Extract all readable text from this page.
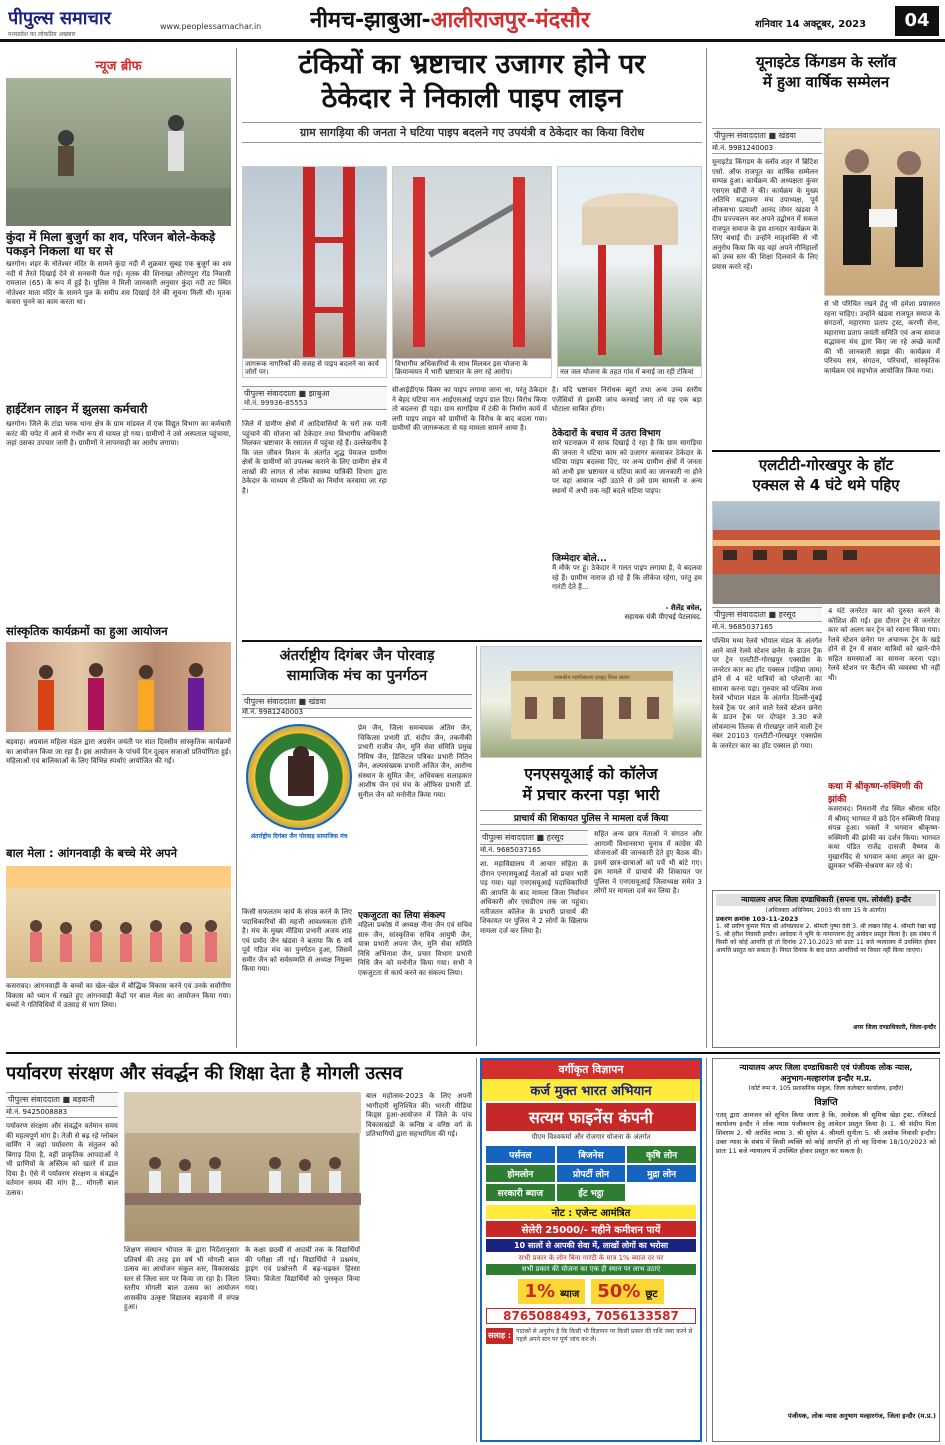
पीपुल्स समाचार
मध्यप्रदेश का लोकप्रिय अखबार
www.peoplessamachar.in नीमच-झाबुआ-आलीराजपुर-मंदसौर	शनिवार 14 अक्टूबर, 2023	04
न्यूज ब्रीफ
कुंदा में मिला बुजुर्ग का शव, परिजन बोले-केकड़े पकड़ने निकला था घर से
खरगोन। शहर के नोतेश्वर मंदिर के सामने कुंदा नदी में शुक्रवार सुबह एक बुजुर्ग का शव नदी में तैरते दिखाई देने से सनसनी फैल गई। मृतक की शिनाख्त औरंगपुरा रोड निवासी रामलाल (65) के रूप में हुई है। पुलिस ने मिली जानकारी अनुसार कुंदा नदी तट स्थित नोतेश्वर माता मंदिर के सामने पुल के समीप शव दिखाई देने की सूचना मिली थी। मृतक कचरा चुनने का काम करता था।
हाईटेंशन लाइन में झुलसा कर्मचारी
खरगोन। जिले के टांडा चरक थाना क्षेत्र के ग्राम मांडवल में एक विद्युत विभाग का कर्मचारी करंट की चपेट में आने से गंभीर रूप से घायल हो गया। ग्रामीणों ने उसे अस्पताल पहुंचाया, जहां उसका उपचार जारी है। ग्रामीणों ने लापरवाही का आरोप लगाया।
सांस्कृतिक कार्यक्रमों का हुआ आयोजन
बड़वाह। अग्रवाल महिला मंडल द्वारा अग्रसेन जयंती पर सात दिवसीय सांस्कृतिक कार्यक्रमों का आयोजन किया जा रहा है। इस आयोजन के पांचवें दिन दुल्हन सजाओ प्रतियोगिता हुई। महिलाओं एवं बालिकाओं के लिए विभिन्न स्पर्धाएं आयोजित की गईं।
बाल मेला : आंगनवाड़ी के बच्चे मेरे अपने
कसरावद। आंगनवाड़ी के बच्चों का खेल-खेल में बौद्धिक विकास करने एवं उनके सर्वांगीण विकास को ध्यान में रखते हुए आंगनवाड़ी केंद्रों पर बाल मेला का आयोजन किया गया। बच्चों ने गतिविधियों में उत्साह से भाग लिया।
टंकियों का भ्रष्टाचार उजागर होने पर
ठेकेदार ने निकाली पाइप लाइन
ग्राम सागड़िया की जनता ने घटिया पाइप बदलने गए उपयंत्री व ठेकेदार का किया विरोध
जागरूक नागरिकों की वजह से पाइप बदलने का कार्य जोरों पर।
विभागीय अधिकारियों के साथ मिलकर इस योजना के क्रियान्वयन में भारी भ्रष्टाचार के लग रहे आरोप।	नल जल योजना के तहत गांव में बनाई जा रही टंकियां
पीपुल्स संवाददाता ■ झाबुआ
मो.नं. 99936-85553
जिले में ग्रामीण क्षेत्रों में आदिवासियों के घरों तक पानी पहुंचाने की योजना को ठेकेदार तथा विभागीय अधिकारी मिलकर भ्रष्टाचार के रसातल में पहुंचा रहे हैं। उल्लेखनीय है कि जल जीवन मिशन के अंतर्गत शुद्ध पेयजल ग्रामीण क्षेत्रों के ग्रामीणों को उपलब्ध कराने के लिए ग्रामीण क्षेत्र में लाखों की लागत से लोक स्वास्थ्य यांत्रिकी विभाग द्वारा ठेकेदार के माध्यम से टंकियों का निर्माण करवाया जा रहा है।
सीआईडीएफ किस्म का पाइप लगाया जाना था, परंतु ठेकेदार ने बेहद घटिया नान आईएसआई पाइप डाल दिए। विरोध किया तो बदलना ही पड़ा। ग्राम सागड़िया में टंकी के निर्माण कार्य में लगी पाइप लाइन को ग्रामीणों के विरोध के बाद बदला गया। ग्रामीणों की जागरूकता से यह मामला सामने आया है।
है। यदि भ्रष्टाचार निरोधक ब्यूरो तथा अन्य उच्च स्तरीय एजेंसियों से इसकी जांच करवाई जाए तो यह एक बड़ा घोटाला साबित होगा।
ठेकेदारों के बचाव में उतरा विभाग
सारे घटनाक्रम में साफ दिखाई दे रहा है कि ग्राम सागड़िया की जनता ने घटिया काम को उजागर करवाकर ठेकेदार के घटिया पाइप बदलवा दिए, पर अन्य ग्रामीण क्षेत्रों में जनता को अभी इस भ्रष्टाचार व घटिया कार्य का जानकारी ना होने पर वहां आवाज नहीं उठाने से उसे ग्राम सामली व अन्य स्थानों में अभी तक नहीं बदले घटिया पाइप।
जिम्मेदार बोले...
मैं मौके पर हूं। ठेकेदार ने गलत पाइप लगाया है, वे बदलवा रहे हैं। ग्रामीण नाराज हो रहे हैं कि लीकेज रहेगा, परंतु हम गारंटी देते हैं...
- शैलेंद्र बघेल,
सहायक यंत्री पीएचई पेटलावद.
यूनाइटेड किंगडम के स्लॉव
में हुआ वार्षिक सम्मेलन
पीपुल्स संवाददाता ■ खंडवा
मो.नं. 9981240003
यूनाइटेड किंगडम के स्लॉव शहर में ब्रिटिश एसो. ऑफ राजपूत का वार्षिक सम्मेलन सम्पन्न हुआ। कार्यक्रम की अध्यक्षता कुंवर एसएस खींची ने की। कार्यक्रम के मुख्य अतिथि सद्भावना मंच उपाध्यक्ष, पूर्व लोकसभा प्रत्याशी आनंद तोमर खंडवा ने दीप प्रज्ज्वलन कर अपने उद्बोधन में सकल राजपूत समाज के इस शानदार कार्यक्रम के लिए बधाई दी। उन्होंने मातृशक्ति से भी अनुरोध किया कि वह वहां अपने नौनिहालों को उच्च स्तर की शिक्षा दिलवाने के लिए प्रयास करते रहें।
से भी परिचित रखने हेतु भी हमेशा प्रयासरत रहना चाहिए। उन्होंने खंडवा राजपूत समाज के संगठनों, महाराणा प्रताप ट्रस्ट, करणी सेना, महाराणा प्रताप जयंती समिति एवं अन्य समाज सद्भावना मंच द्वारा किए जा रहे अच्छे कार्यों की भी जानकारी साझा की। कार्यक्रम में परिचय सत्र, संगठन, परिचर्चा, सांस्कृतिक कार्यक्रम एवं सहभोज आयोजित किया गया।
एलटीटी-गोरखपुर के हॉट
एक्सल से 4 घंटे थमे पहिए
पीपुल्स संवाददाता ■ हरसूद
मो.नं. 9685037165
पश्चिम मध्य रेलवे भोपाल मंडल के अंतर्गत आने वाले रेलवे स्टेशन छनेरा के डाउन ट्रैक पर ट्रेन एलटीटी-गोरखपुर एक्सप्रेस के जनरेटर कार का हॉट एक्सल (पहिया जाम) होने से 4 घंटे यात्रियों को परेशानी का सामना करना पड़ा। गुरुवार को पश्चिम मध्य रेलवे भोपाल मंडल के अंतर्गत दिल्ली-मुंबई रेलवे ट्रैक पर आने वाले रेलवे स्टेशन छनेरा के डाउन ट्रैक पर दोपहर 3.30 बजे लोकमान्य तिलक से गोरखपुर जाने वाली ट्रेन नंबर 20103 एलटीटी-गोरखपुर एक्सप्रेस के जनरेटर कार का हॉट एक्सल हो गया।
4 घंटे जनरेटर कार को दुरुस्त करने के कोशिश की गई। इस दौरान ट्रेन से जनरेटर कार को अलग कर ट्रेन को रवाना किया गया। रेलवे स्टेशन छनेरा पर अचानक ट्रेन के खड़े होने से ट्रेन में सवार यात्रियों को खाने-पीने सहित समस्याओं का सामना करना पड़ा। रेलवे स्टेशन पर कैंटीन की व्यवस्था भी नहीं थी।
कथा में श्रीकृष्ण-रुक्मिणी की झांकी
कसरावद। निमरानी रोड स्थित श्रीराम मंदिर में श्रीमद् भागवत में छठे दिन रुक्मिणी विवाह संपन्न हुआ। भक्तों ने भगवान श्रीकृष्ण-रुक्मिणी की झांकी का दर्शन किया। भागवत कथा पंडित राजेंद्र दासजी वैष्णव के मुखारविंद से भगवान कथा अमृत का झूम-झूमकर भक्ति-सेश्रवण कर रहे थे।
अंतर्राष्ट्रीय दिगंबर जैन पोरवाड़
सामाजिक मंच का पुनर्गठन
पीपुल्स संवाददाता ■ खंडवा
मो.नं. 9981240003
अंतर्राष्ट्रीय दिगंबर जैन पोरवाड़ सामाजिक मंच
प्रेम जैन, जिला समन्वयक अंतिम जैन, चिकित्सा प्रभारी डॉ. संदीप जैन, तकनीकी प्रभारी राजीव जैन, मुनि सेवा संमिति प्रमुख निमिष जैन, डिजिटल पत्रिका प्रभारी नितिन जैन, अल्पसंख्यक प्रभारी अजित जैन, आरोग्य संस्थान के सुमित जैन, अधिवक्ता सलाहकार आशीष जैन एवं मंच के ऑफिस प्रभारी डॉ. सुनील जैन को मनोनीत किया गया।
किसी सफलतम कार्य के संपन्न करने के लिए पदाधिकारियों की महत्ती आवश्यकता होती है। मंच के मुख्य मीडिया प्रभारी अजय शाह एवं प्रमोद जैन खंडवा ने बताया कि 6 वर्ष पूर्व गठित मंच का पुनर्गठन हुआ, जिसमें समीर जैन को सर्वसम्मति से अध्यक्ष नियुक्त किया गया।
एकजुटता का लिया संकल्प
महिला प्रकोष्ठ में अध्यक्ष नीना जैन एवं सचिव सारु जैन, सांस्कृतिक सचिव आयुषी जैन, यात्रा प्रभारी अपना जैन, मुनि सेवा समिति निधि अभिनाश जैन, प्रचार विभाग प्रभारी निधि जैन को मनोनीत किया गया। सभी ने एकजुटता से कार्य करने का संकल्प लिया।
शासकीय महाविद्यालय हरसूद जिला खंडवा
एनएसयूआई को कॉलेज
में प्रचार करना पड़ा भारी
प्राचार्य की शिकायत पुलिस ने मामला दर्ज किया
पीपुल्स संवाददाता ■ हरसूद
मो.नं. 9685037165
शा. महाविद्यालय में आचार संहिता के दौरान एनएसयूआई नेताओं को प्रचार भारी पड़ गया। यहां एनएसयूआई पदाधिकारियों की आपत्ति के बाद मामला जिला निर्वाचन अधिकारी और एसडीएम तक जा पहुंचा। नतीजतन कॉलेज के प्रभारी प्राचार्य की शिकायत पर पुलिस ने 2 लोगों के खिलाफ मामला दर्ज कर लिया है।
सहित अन्य छात्र नेताओं ने संगठन और आगामी विधानसभा चुनाव में कांग्रेस की योजनाओं की जानकारी देते हुए बैठक की। इसमें छात्र-छात्राओं को पर्चे भी बांटे गए। इस मामले में प्राचार्य की शिकायत पर पुलिस ने एनएसयूआई जिलाध्यक्ष समेत 3 लोगों पर मामला दर्ज कर लिया है।
न्यायालय अपर जिला दण्डाधिकारी (सपना एम. लोवंशी) इन्दौर
(अधिवक्ता अधिनियम, 2003 की धारा 15 के अंतर्गत)
प्रकरण क्रमांक 103-11-2023
1. श्री प्रवीण कुमार पिता श्री ओमप्रकाश 2. श्रीमती पुष्पा देवी 3. श्री लखन सिंह 4. श्रीमती रेखा बाई 5. श्री हरीश निवासी इन्दौर। आवेदक ने भूमि के नामान्तरण हेतु आवेदन प्रस्तुत किया है। इस संबंध में किसी को कोई आपत्ति हो तो दिनांक 27.10.2023 को प्रातः 11 बजे न्यायालय में उपस्थित होकर आपत्ति प्रस्तुत कर सकता है। नियत दिनांक के बाद प्राप्त आपत्तियों पर विचार नहीं किया जाएगा।
अपर जिला दण्डाधिकारी, जिला-इन्दौर
पर्यावरण संरक्षण और संवर्द्धन की शिक्षा देता है मोगली उत्सव
पीपुल्स संवाददाता ■ बड़वानी
मो.नं. 9425008883
पर्यावरण संरक्षण और संवर्द्धन वर्तमान समय की महत्वपूर्ण मांग है। तेजी से बढ़ रहे ग्लोबल वार्मिंग ने जहां पर्यावरण के संतुलन को बिगाड़ दिया है, वहीं प्राकृतिक आपदाओं ने भी प्राणियों के अस्तित्व को खतरे में डाल दिया है। ऐसे में पर्यावरण संरक्षण व संवर्द्धन वर्तमान समय की मांग है... मोगली बाल उत्सव।
शिक्षण संस्थान भोपाल के द्वारा निर्देशानुसार प्रतिवर्ष की तरह इस वर्ष भी मोगली बाल उत्सव का आयोजन संकुल स्तर, विकासखंड स्तर से जिला स्तर पर किया जा रहा है। जिला स्तरीय मोगली बाल उत्सव का आयोजन शासकीय उत्कृष्ट विद्यालय बड़वानी में संपन्न हुआ।
के कक्षा छठवीं से आठवीं तक के विद्यार्थियों की परीक्षा ली गई। विद्यार्थियों ने प्रश्नमंच, ड्राइंग एवं प्रश्नोत्तरी में बढ़-चढ़कर हिस्सा लिया। विजेता विद्यार्थियों को पुरस्कृत किया गया।
बाल महोत्सव-2023 के लिए अपनी भागीदारी सुनिश्चित की। भारती मीडिया किड्स हुआ-आयोजन में जिले के पांच विकासखंडों के कनिष्ठ व वरिष्ठ वर्ग के प्रतिभागियों द्वारा सहभागिता की गई।
वर्गीकृत विज्ञापन
कर्ज मुक्त भारत अभियान
सत्यम फाइनेंस कंपनी
पीएम विश्वकर्मा और रोजगार योजना के अंतर्गत
पर्सनल	बिजनेस	कृषि लोन
होमलोन	प्रोपर्टी लोन	मुद्रा लोन
सरकारी ब्याज	ईंट भट्ठा
नोट : एजेन्ट आमंत्रित
सेलेरी 25000/- महीने कमीशन पायें
10 सालों से आपकी सेवा में, लाखों लोगों का भरोसा
सभी प्रकार के लोन बिना गारंटी के मात्र 1% ब्याज दर पर
सभी प्रकार की योजना का एक ही स्थान पर लाभ उठाएं
1% ब्याज	50% छूट
8765088493, 7056133587
सलाह : पाठकों से अनुरोध है कि किसी भी विज्ञापन पर किसी प्रकार की राशि जमा करने से पहले अपने स्तर पर पूर्ण जांच कर लें।
न्यायालय अपर जिला दण्डाधिकारी एवं पंजीयक लोक न्यास,
अनुभाग-मल्हारगंज इन्दौर म.प्र.
(कोर्ट रूम नं. 105 प्रशासनिक संकुल, जिला कलेक्टर कार्यालय, इन्दौर)
विज्ञप्ति
एतद् द्वारा आमजन को सूचित किया जाता है कि, आवेदक श्री सुमित्रा खेड़ा ट्रस्ट, रजिस्टर्ड कार्यालय इन्दौर ने लोक न्यास पंजीकरण हेतु आवेदन प्रस्तुत किया है। 1. श्री संदीप पिता शिवराम 2. श्री अरविंद व्यास 3. श्री सुरेश 4. श्रीमती सुनीता 5. श्री अशोक निवासी इन्दौर। उक्त न्यास के संबंध में किसी व्यक्ति को कोई आपत्ति हो तो वह दिनांक 18/10/2023 को प्रातः 11 बजे न्यायालय में उपस्थित होकर प्रस्तुत कर सकता है।
पंजीयक, लोक न्यास अनुभाग मल्हारगंज, जिला इन्दौर (म.प्र.)
